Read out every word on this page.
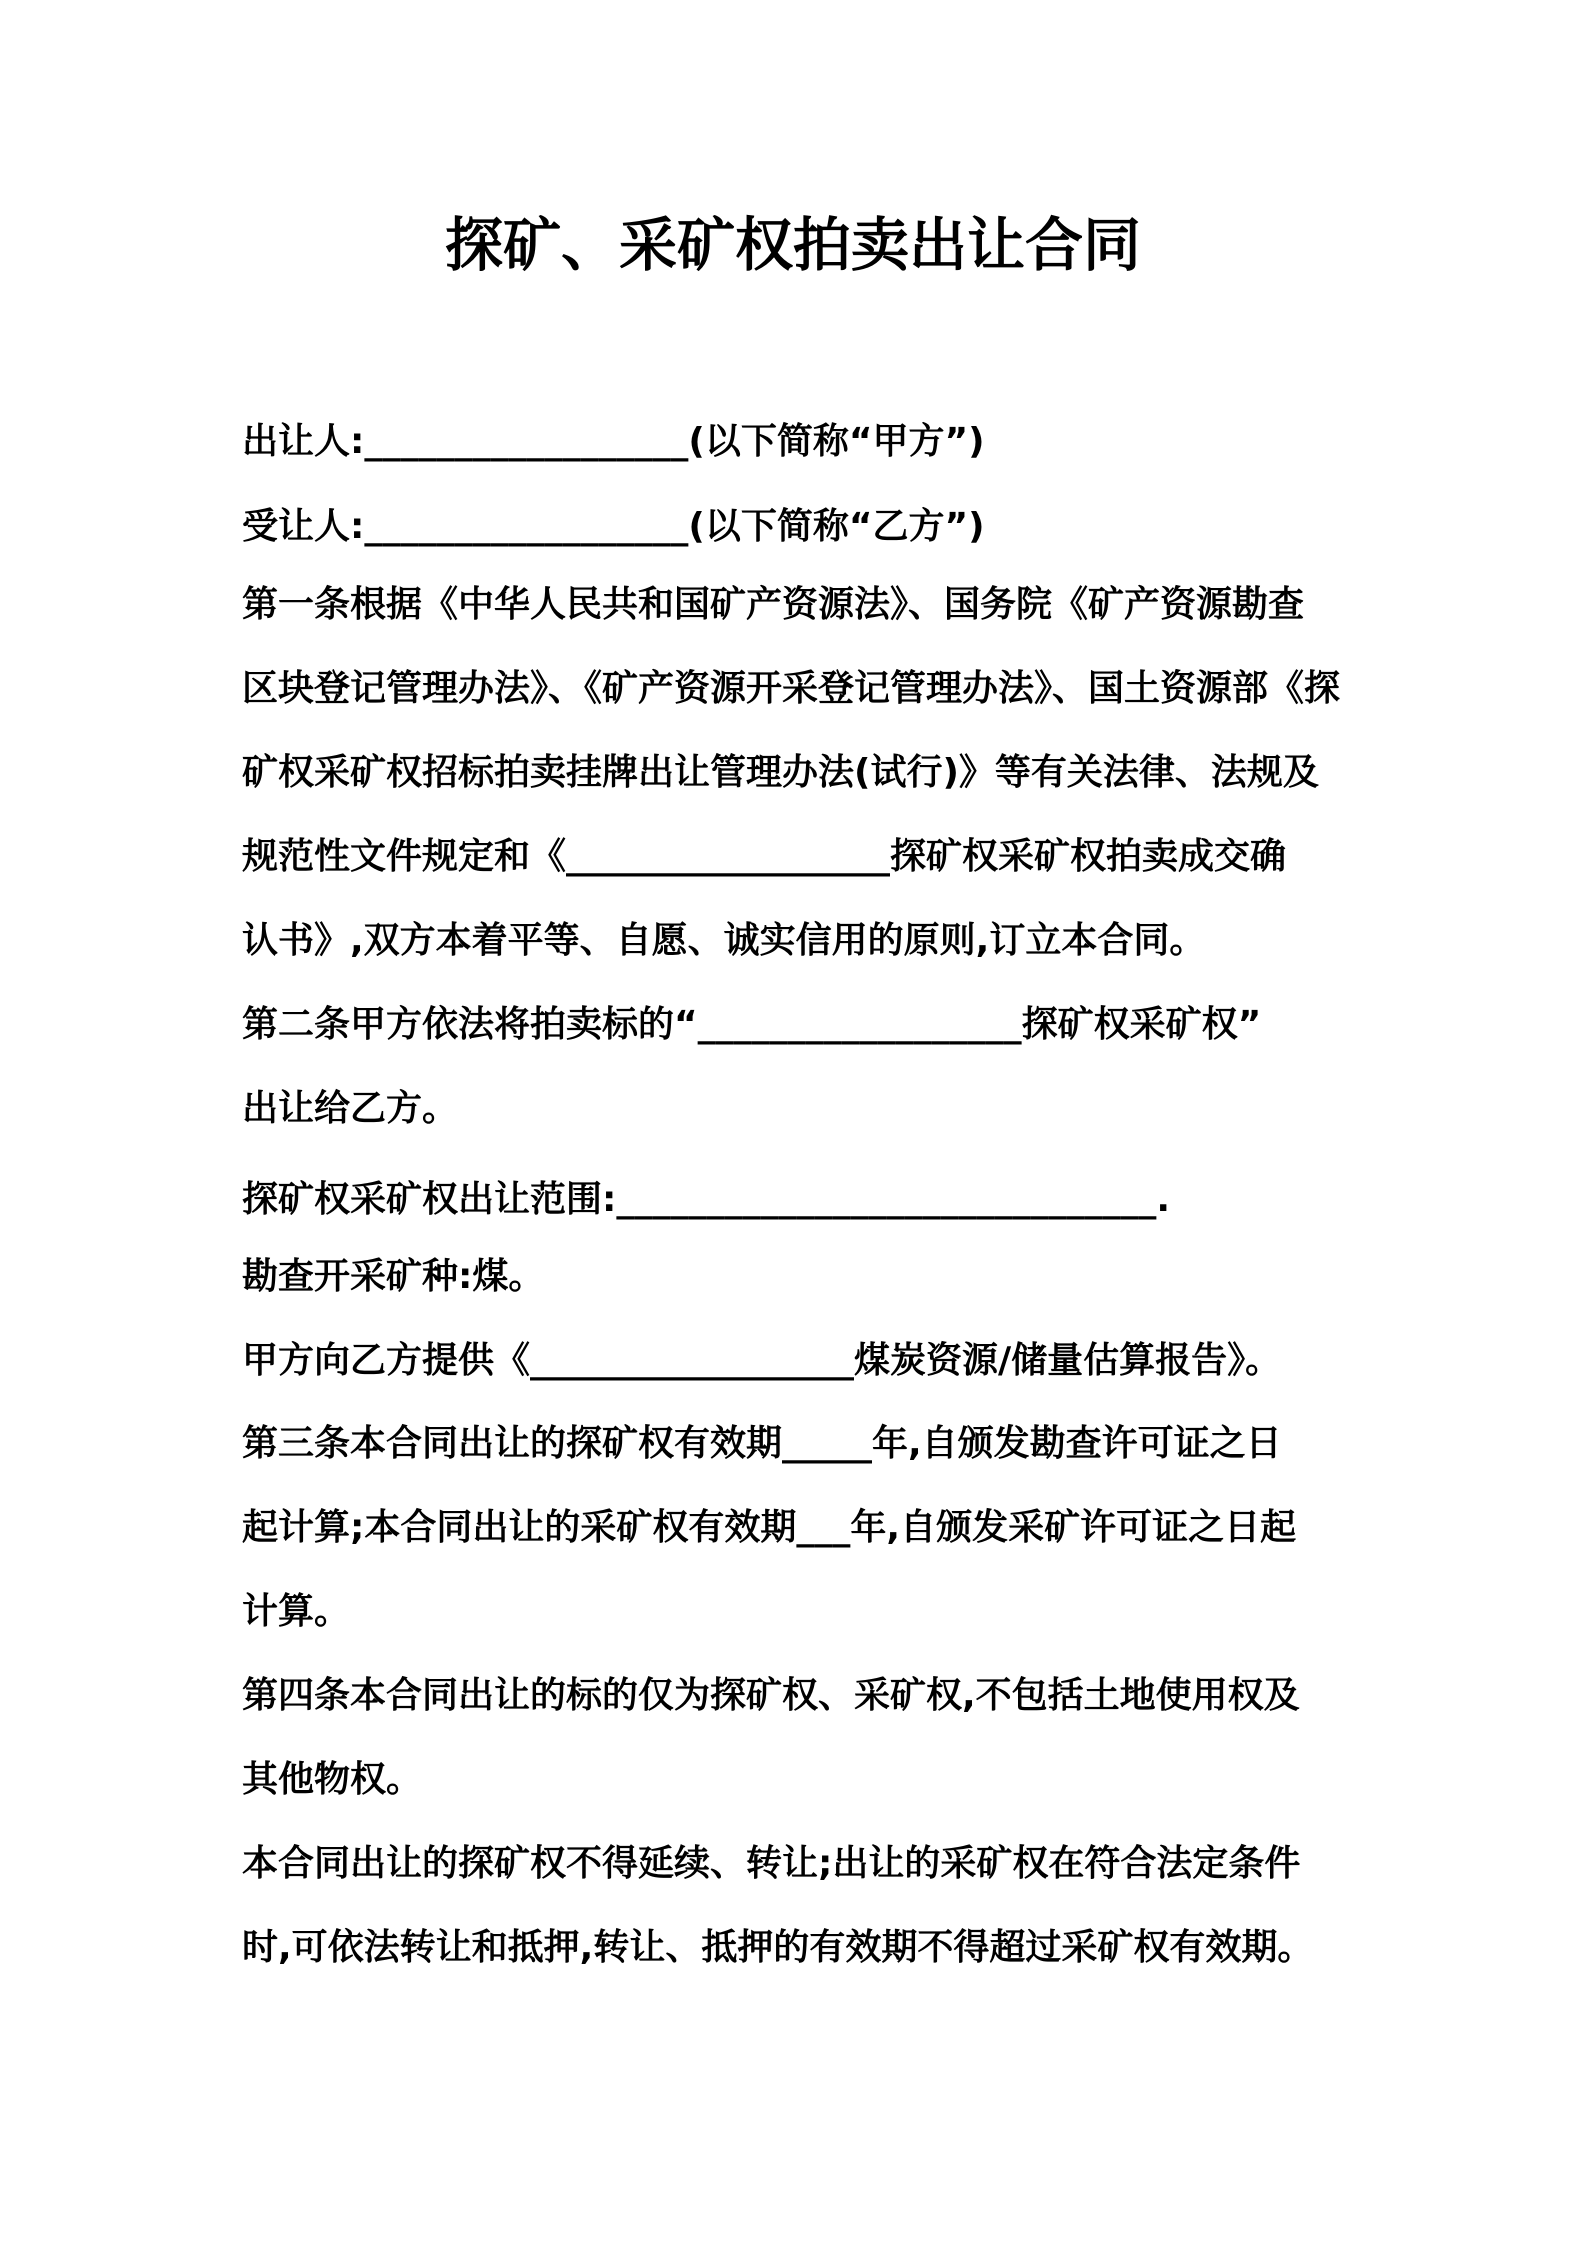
探矿、采矿权拍卖出让合同
出让人:__________________(以下简称“甲方”)
受让人:__________________(以下简称“乙方”)
第一条根据《中华人民共和国矿产资源法》、国务院《矿产资源勘查
区块登记管理办法》、《矿产资源开采登记管理办法》、国土资源部《探
矿权采矿权招标拍卖挂牌出让管理办法(试行)》等有关法律、法规及
规范性文件规定和《__________________探矿权采矿权拍卖成交确
认书》,双方本着平等、自愿、诚实信用的原则,订立本合同。
第二条甲方依法将拍卖标的“__________________探矿权采矿权”
出让给乙方。
探矿权采矿权出让范围:______________________________.
勘查开采矿种:煤。
甲方向乙方提供《__________________煤炭资源/储量估算报告》。
第三条本合同出让的探矿权有效期_____年,自颁发勘查许可证之日
起计算;本合同出让的采矿权有效期___年,自颁发采矿许可证之日起
计算。
第四条本合同出让的标的仅为探矿权、采矿权,不包括土地使用权及
其他物权。
本合同出让的探矿权不得延续、转让;出让的采矿权在符合法定条件
时,可依法转让和抵押,转让、抵押的有效期不得超过采矿权有效期。
